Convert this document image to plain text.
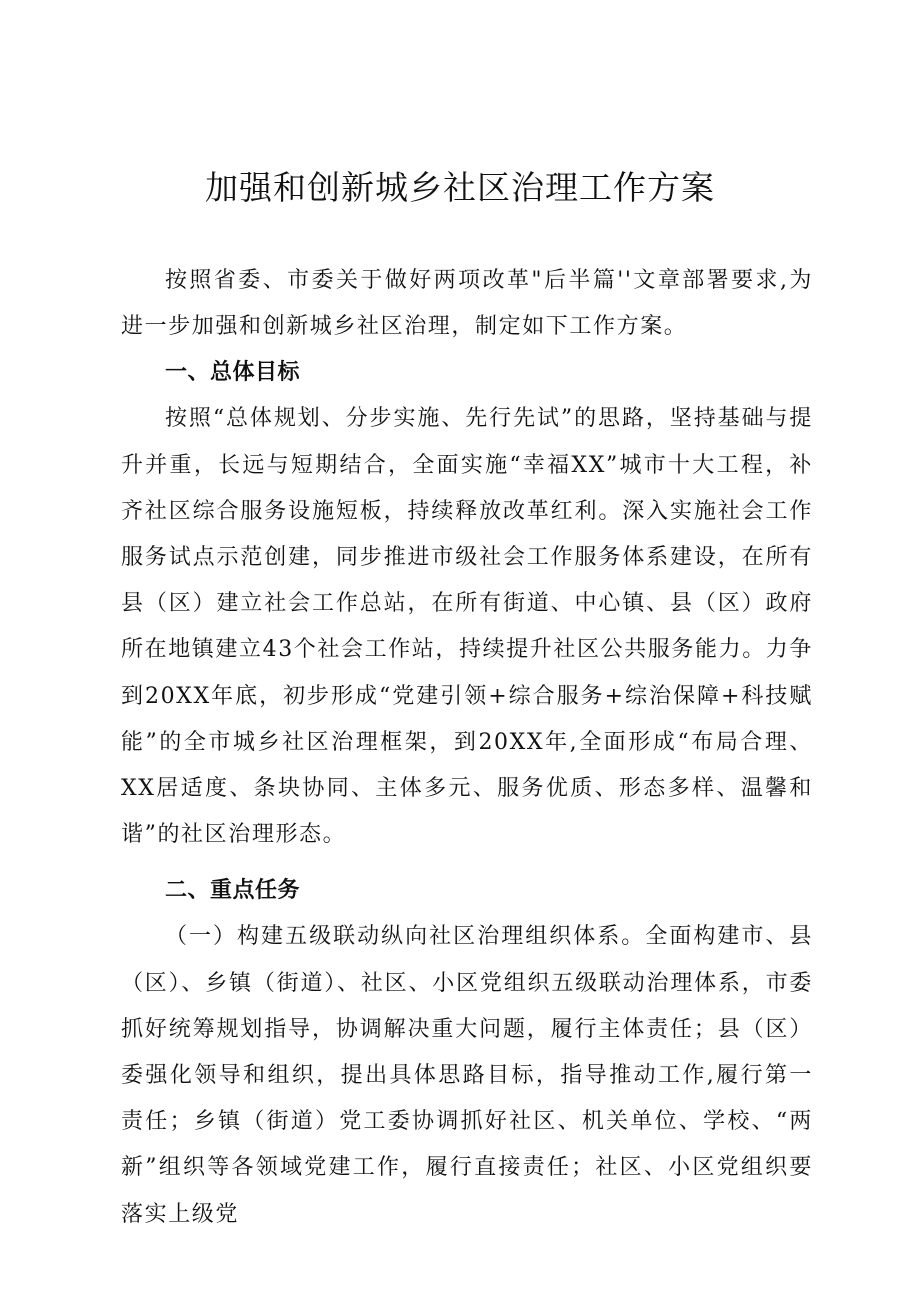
加强和创新城乡社区治理工作方案

按照省委、市委关于做好两项改革"后半篇''文章部署要求,为进一步加强和创新城乡社区治理，制定如下工作方案。

一、总体目标

按照“总体规划、分步实施、先行先试”的思路，坚持基础与提升并重，长远与短期结合，全面实施“幸福XX”城市十大工程，补齐社区综合服务设施短板，持续释放改革红利。深入实施社会工作服务试点示范创建，同步推进市级社会工作服务体系建设，在所有县（区）建立社会工作总站，在所有街道、中心镇、县（区）政府所在地镇建立43个社会工作站，持续提升社区公共服务能力。力争到20XX年底，初步形成“党建引领+综合服务+综治保障+科技赋能”的全市城乡社区治理框架，到20XX年,全面形成“布局合理、XX居适度、条块协同、主体多元、服务优质、形态多样、温馨和谐”的社区治理形态。

二、重点任务

（一）构建五级联动纵向社区治理组织体系。全面构建市、县（区）、乡镇（街道）、社区、小区党组织五级联动治理体系，市委抓好统筹规划指导，协调解决重大问题，履行主体责任；县（区）委强化领导和组织，提出具体思路目标，指导推动工作,履行第一责任；乡镇（街道）党工委协调抓好社区、机关单位、学校、“两新”组织等各领域党建工作，履行直接责任；社区、小区党组织要落实上级党
